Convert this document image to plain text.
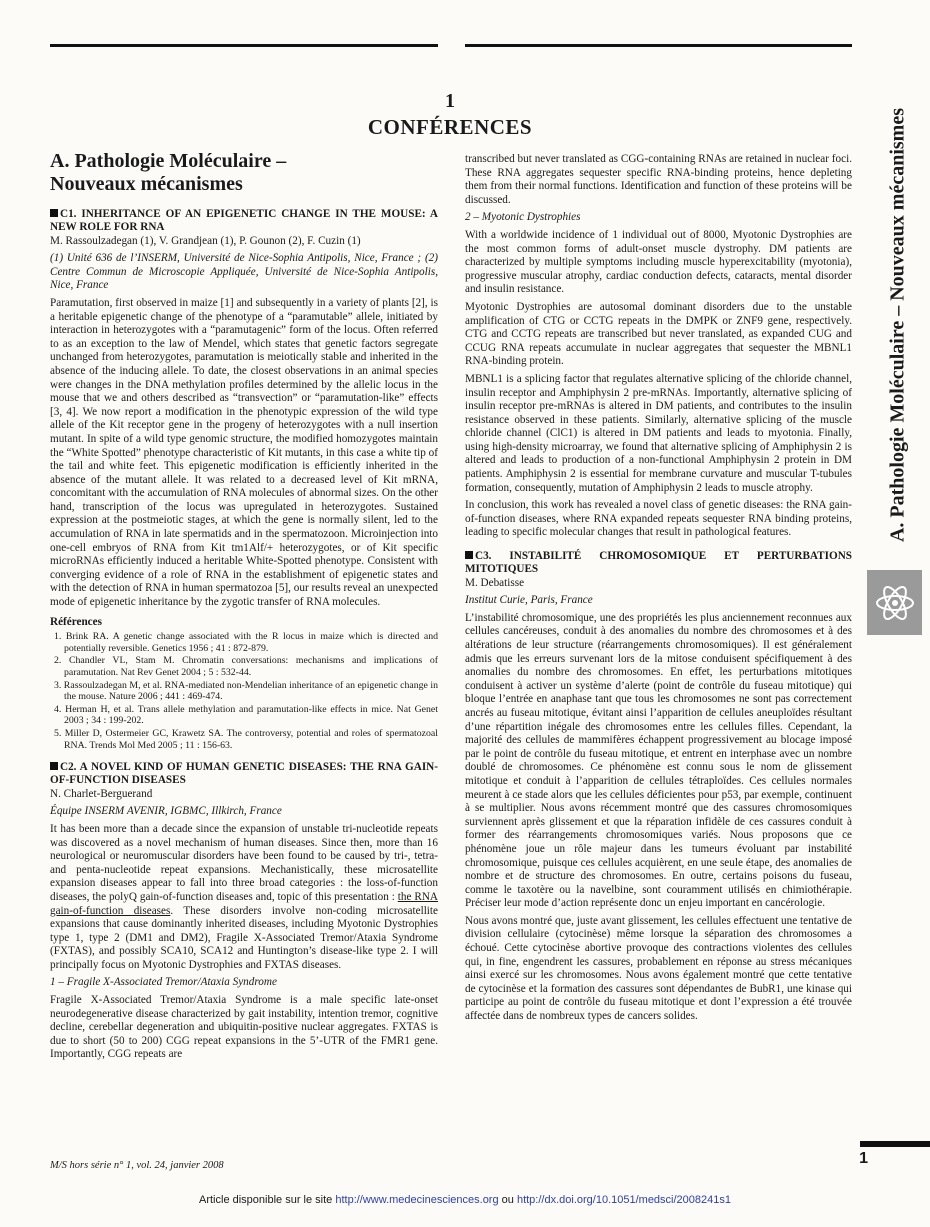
1
CONFÉRENCES
A. Pathologie Moléculaire –
Nouveaux mécanismes
C1. INHERITANCE OF AN EPIGENETIC CHANGE IN THE MOUSE: A NEW ROLE FOR RNA

M. Rassoulzadegan (1), V. Grandjean (1), P. Gounon (2), F. Cuzin (1)

(1) Unité 636 de l’INSERM, Université de Nice-Sophia Antipolis, Nice, France ; (2) Centre Commun de Microscopie Appliquée, Université de Nice-Sophia Antipolis, Nice, France

Paramutation, first observed in maize [1] and subsequently in a variety of plants [2], is a heritable epigenetic change of the phenotype of a “paramutable” allele, initiated by interaction in heterozygotes with a “paramutagenic” form of the locus. Often referred to as an exception to the law of Mendel, which states that genetic factors segregate unchanged from heterozygotes, paramutation is meiotically stable and inherited in the absence of the inducing allele. To date, the closest observations in an animal species were changes in the DNA methylation profiles determined by the allelic locus in the mouse that we and others described as “transvection” or “paramutation-like” effects [3, 4]. We now report a modification in the phenotypic expression of the wild type allele of the Kit receptor gene in the progeny of heterozygotes with a null insertion mutant. In spite of a wild type genomic structure, the modified homozygotes maintain the “White Spotted” phenotype characteristic of Kit mutants, in this case a white tip of the tail and white feet. This epigenetic modification is efficiently inherited in the absence of the mutant allele. It was related to a decreased level of Kit mRNA, concomitant with the accumulation of RNA molecules of abnormal sizes. On the other hand, transcription of the locus was upregulated in heterozygotes. Sustained expression at the postmeiotic stages, at which the gene is normally silent, led to the accumulation of RNA in late spermatids and in the spermatozoon. Microinjection into one-cell embryos of RNA from Kit tm1Alf/+ heterozygotes, or of Kit specific microRNAs efficiently induced a heritable White-Spotted phenotype. Consistent with converging evidence of a role of RNA in the establishment of epigenetic states and with the detection of RNA in human spermatozoa [5], our results reveal an unexpected mode of epigenetic inheritance by the zygotic transfer of RNA molecules.

Références
1. Brink RA. A genetic change associated with the R locus in maize which is directed and potentially reversible. Genetics 1956 ; 41 : 872-879.
2. Chandler VL, Stam M. Chromatin conversations: mechanisms and implications of paramutation. Nat Rev Genet 2004 ; 5 : 532-44.
3. Rassoulzadegan M, et al. RNA-mediated non-Mendelian inheritance of an epigenetic change in the mouse. Nature 2006 ; 441 : 469-474.
4. Herman H, et al. Trans allele methylation and paramutation-like effects in mice. Nat Genet 2003 ; 34 : 199-202.
5. Miller D, Ostermeier GC, Krawetz SA. The controversy, potential and roles of spermatozoal RNA. Trends Mol Med 2005 ; 11 : 156-63.
C2. A NOVEL KIND OF HUMAN GENETIC DISEASES: THE RNA GAIN-OF-FUNCTION DISEASES

N. Charlet-Berguerand

Équipe INSERM AVENIR, IGBMC, Illkirch, France

It has been more than a decade since the expansion of unstable tri-nucleotide repeats was discovered as a novel mechanism of human diseases. Since then, more than 16 neurological or neuromuscular disorders have been found to be caused by tri-, tetra- and penta-nucleotide repeat expansions. Mechanistically, these microsatellite expansion diseases appear to fall into three broad categories : the loss-of-function diseases, the polyQ gain-of-function diseases and, topic of this presentation : the RNA gain-of-function diseases. These disorders involve non-coding microsatellite expansions that cause dominantly inherited diseases, including Myotonic Dystrophies type 1, type 2 (DM1 and DM2), Fragile X-Associated Tremor/Ataxia Syndrome (FXTAS), and possibly SCA10, SCA12 and Huntington’s disease-like type 2. I will principally focus on Myotonic Dystrophies and FXTAS diseases.

1 – Fragile X-Associated Tremor/Ataxia Syndrome

Fragile X-Associated Tremor/Ataxia Syndrome is a male specific late-onset neurodegenerative disease characterized by gait instability, intention tremor, cognitive decline, cerebellar degeneration and ubiquitin-positive nuclear aggregates. FXTAS is due to short (50 to 200) CGG repeat expansions in the 5’-UTR of the FMR1 gene. Importantly, CGG repeats are

transcribed but never translated as CGG-containing RNAs are retained in nuclear foci. These RNA aggregates sequester specific RNA-binding proteins, hence depleting them from their normal functions. Identification and function of these proteins will be discussed.

2 – Myotonic Dystrophies

With a worldwide incidence of 1 individual out of 8000, Myotonic Dystrophies are the most common forms of adult-onset muscle dystrophy. DM patients are characterized by multiple symptoms including muscle hyperexcitability (myotonia), progressive muscular atrophy, cardiac conduction defects, cataracts, mental disorder and insulin resistance.

Myotonic Dystrophies are autosomal dominant disorders due to the unstable amplification of CTG or CCTG repeats in the DMPK or ZNF9 gene, respectively. CTG and CCTG repeats are transcribed but never translated, as expanded CUG and CCUG RNA repeats accumulate in nuclear aggregates that sequester the MBNL1 RNA-binding protein.

MBNL1 is a splicing factor that regulates alternative splicing of the chloride channel, insulin receptor and Amphiphysin 2 pre-mRNAs. Importantly, alternative splicing of insulin receptor pre-mRNAs is altered in DM patients, and contributes to the insulin resistance observed in these patients. Similarly, alternative splicing of the muscle chloride channel (ClC1) is altered in DM patients and leads to myotonia. Finally, using high-density microarray, we found that alternative splicing of Amphiphysin 2 is altered and leads to production of a non-functional Amphiphysin 2 protein in DM patients. Amphiphysin 2 is essential for membrane curvature and muscular T-tubules formation, consequently, mutation of Amphiphysin 2 leads to muscle atrophy.

In conclusion, this work has revealed a novel class of genetic diseases: the RNA gain-of-function diseases, where RNA expanded repeats sequester RNA binding proteins, leading to specific molecular changes that result in pathological features.

C3. INSTABILITÉ CHROMOSOMIQUE ET PERTURBATIONS MITOTIQUES

M. Debatisse

Institut Curie, Paris, France

L’instabilité chromosomique, une des propriétés les plus anciennement reconnues aux cellules cancéreuses, conduit à des anomalies du nombre des chromosomes et à des altérations de leur structure (réarrangements chromosomiques). Il est généralement admis que les erreurs survenant lors de la mitose conduisent spécifiquement à des anomalies du nombre des chromosomes. En effet, les perturbations mitotiques conduisent à activer un système d’alerte (point de contrôle du fuseau mitotique) qui bloque l’entrée en anaphase tant que tous les chromosomes ne sont pas correctement ancrés au fuseau mitotique, évitant ainsi l’apparition de cellules aneuploïdes résultant d’une répartition inégale des chromosomes entre les cellules filles. Cependant, la majorité des cellules de mammifères échappent progressivement au blocage imposé par le point de contrôle du fuseau mitotique, et entrent en interphase avec un nombre doublé de chromosomes. Ce phénomène est connu sous le nom de glissement mitotique et conduit à l’apparition de cellules tétraploïdes. Ces cellules normales meurent à ce stade alors que les cellules déficientes pour p53, par exemple, continuent à se multiplier. Nous avons récemment montré que des cassures chromosomiques surviennent après glissement et que la réparation infidèle de ces cassures conduit à former des réarrangements chromosomiques variés. Nous proposons que ce phénomène joue un rôle majeur dans les tumeurs évoluant par instabilité chromosomique, puisque ces cellules acquièrent, en une seule étape, des anomalies de nombre et de structure des chromosomes. En outre, certains poisons du fuseau, comme le taxotère ou la navelbine, sont couramment utilisés en chimiothérapie. Préciser leur mode d’action représente donc un enjeu important en cancérologie.

Nous avons montré que, juste avant glissement, les cellules effectuent une tentative de division cellulaire (cytocinèse) même lorsque la séparation des chromosomes a échoué. Cette cytocinèse abortive provoque des contractions violentes des cellules qui, in fine, engendrent les cassures, probablement en réponse au stress mécaniques ainsi exercé sur les chromosomes. Nous avons également montré que cette tentative de cytocinèse et la formation des cassures sont dépendantes de BubR1, une kinase qui participe au point de contrôle du fuseau mitotique et dont l’expression a été trouvée affectée dans de nombreux types de cancers solides.

A. Pathologie Moléculaire – Nouveaux mécanismes
M/S hors série n° 1, vol. 24, janvier 2008	1
Article disponible sur le site http://www.medecinesciences.org ou http://dx.doi.org/10.1051/medsci/2008241s1
